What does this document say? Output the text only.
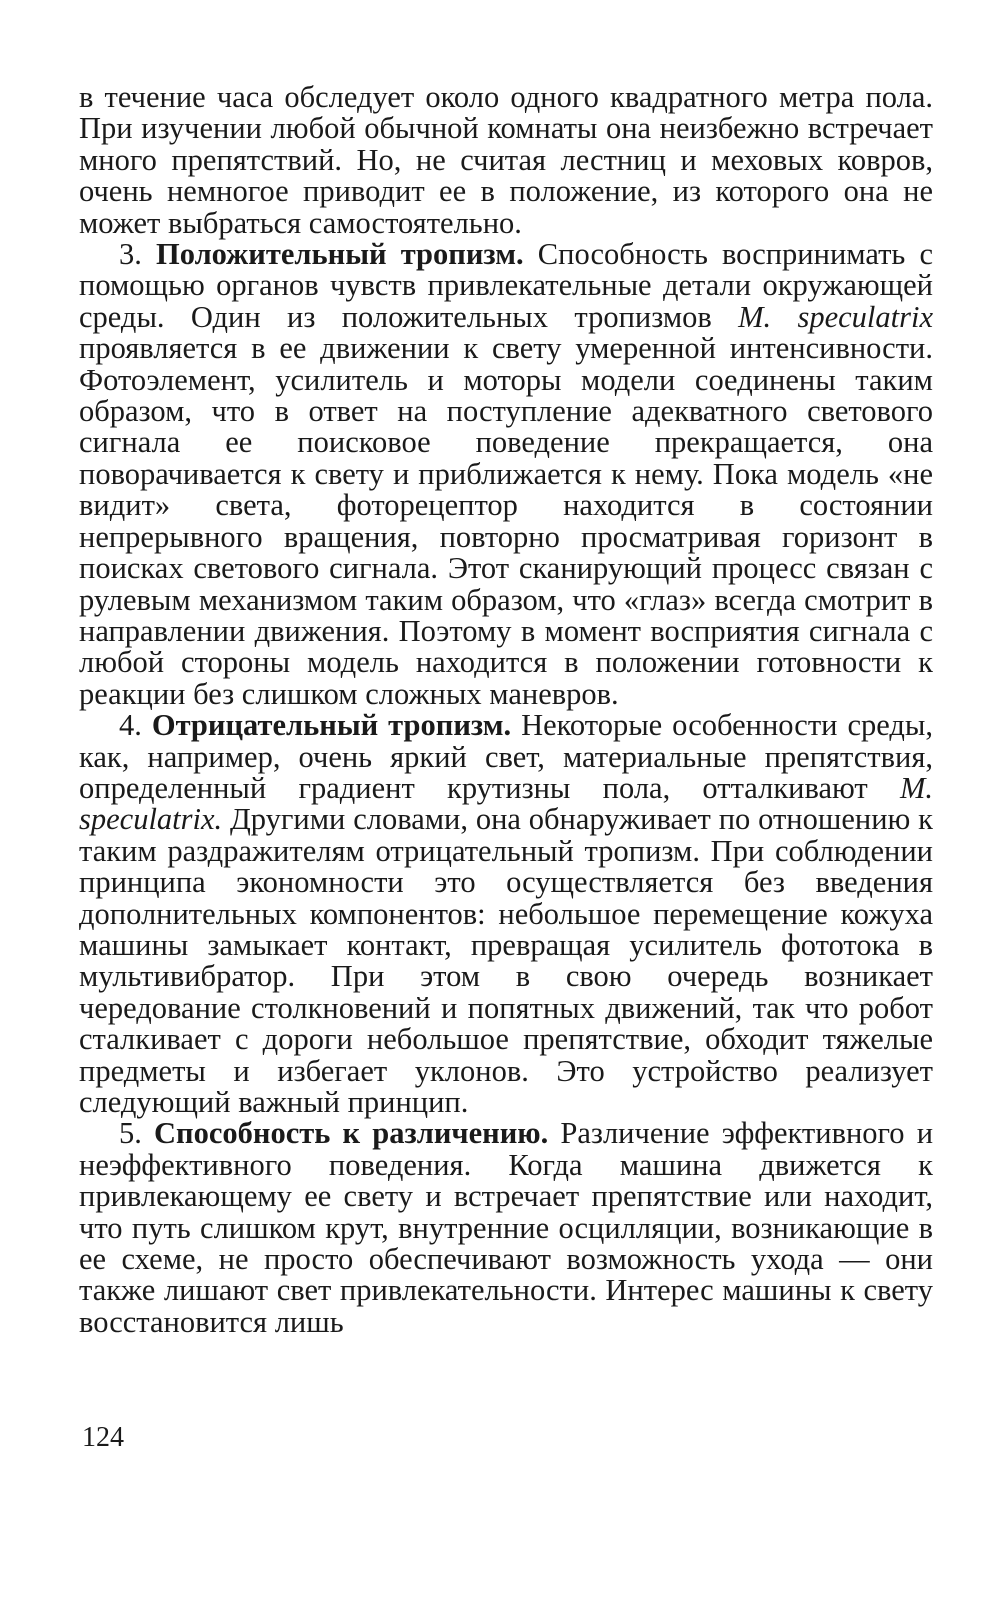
в течение часа обследует около одного квадратного метра пола. При изучении любой обычной комнаты она неизбежно встречает много препятствий. Но, не считая лестниц и меховых ковров, очень немногое приводит ее в положение, из которого она не может выбраться самостоятельно.

3. Положительный тропизм. Способность воспринимать с помощью органов чувств привлекательные детали окружающей среды. Один из положительных тропизмов M. speculatrix проявляется в ее движении к свету умеренной интенсивности. Фотоэлемент, усилитель и моторы модели соединены таким образом, что в ответ на поступление адекватного светового сигнала ее поисковое поведение прекращается, она поворачивается к свету и приближается к нему. Пока модель «не видит» света, фоторецептор находится в состоянии непрерывного вращения, повторно просматривая горизонт в поисках светового сигнала. Этот сканирующий процесс связан с рулевым механизмом таким образом, что «глаз» всегда смотрит в направлении движения. Поэтому в момент восприятия сигнала с любой стороны модель находится в положении готовности к реакции без слишком сложных маневров.

4. Отрицательный тропизм. Некоторые особенности среды, как, например, очень яркий свет, материальные препятствия, определенный градиент крутизны пола, отталкивают M. speculatrix. Другими словами, она обнаруживает по отношению к таким раздражителям отрицательный тропизм. При соблюдении принципа экономности это осуществляется без введения дополнительных компонентов: небольшое перемещение кожуха машины замыкает контакт, превращая усилитель фототока в мультивибратор. При этом в свою очередь возникает чередование столкновений и попятных движений, так что робот сталкивает с дороги небольшое препятствие, обходит тяжелые предметы и избегает уклонов. Это устройство реализует следующий важный принцип.

5. Способность к различению. Различение эффективного и неэффективного поведения. Когда машина движется к привлекающему ее свету и встречает препятствие или находит, что путь слишком крут, внутренние осцилляции, возникающие в ее схеме, не просто обеспечивают возможность ухода — они также лишают свет привлекательности. Интерес машины к свету восстановится лишь

124
